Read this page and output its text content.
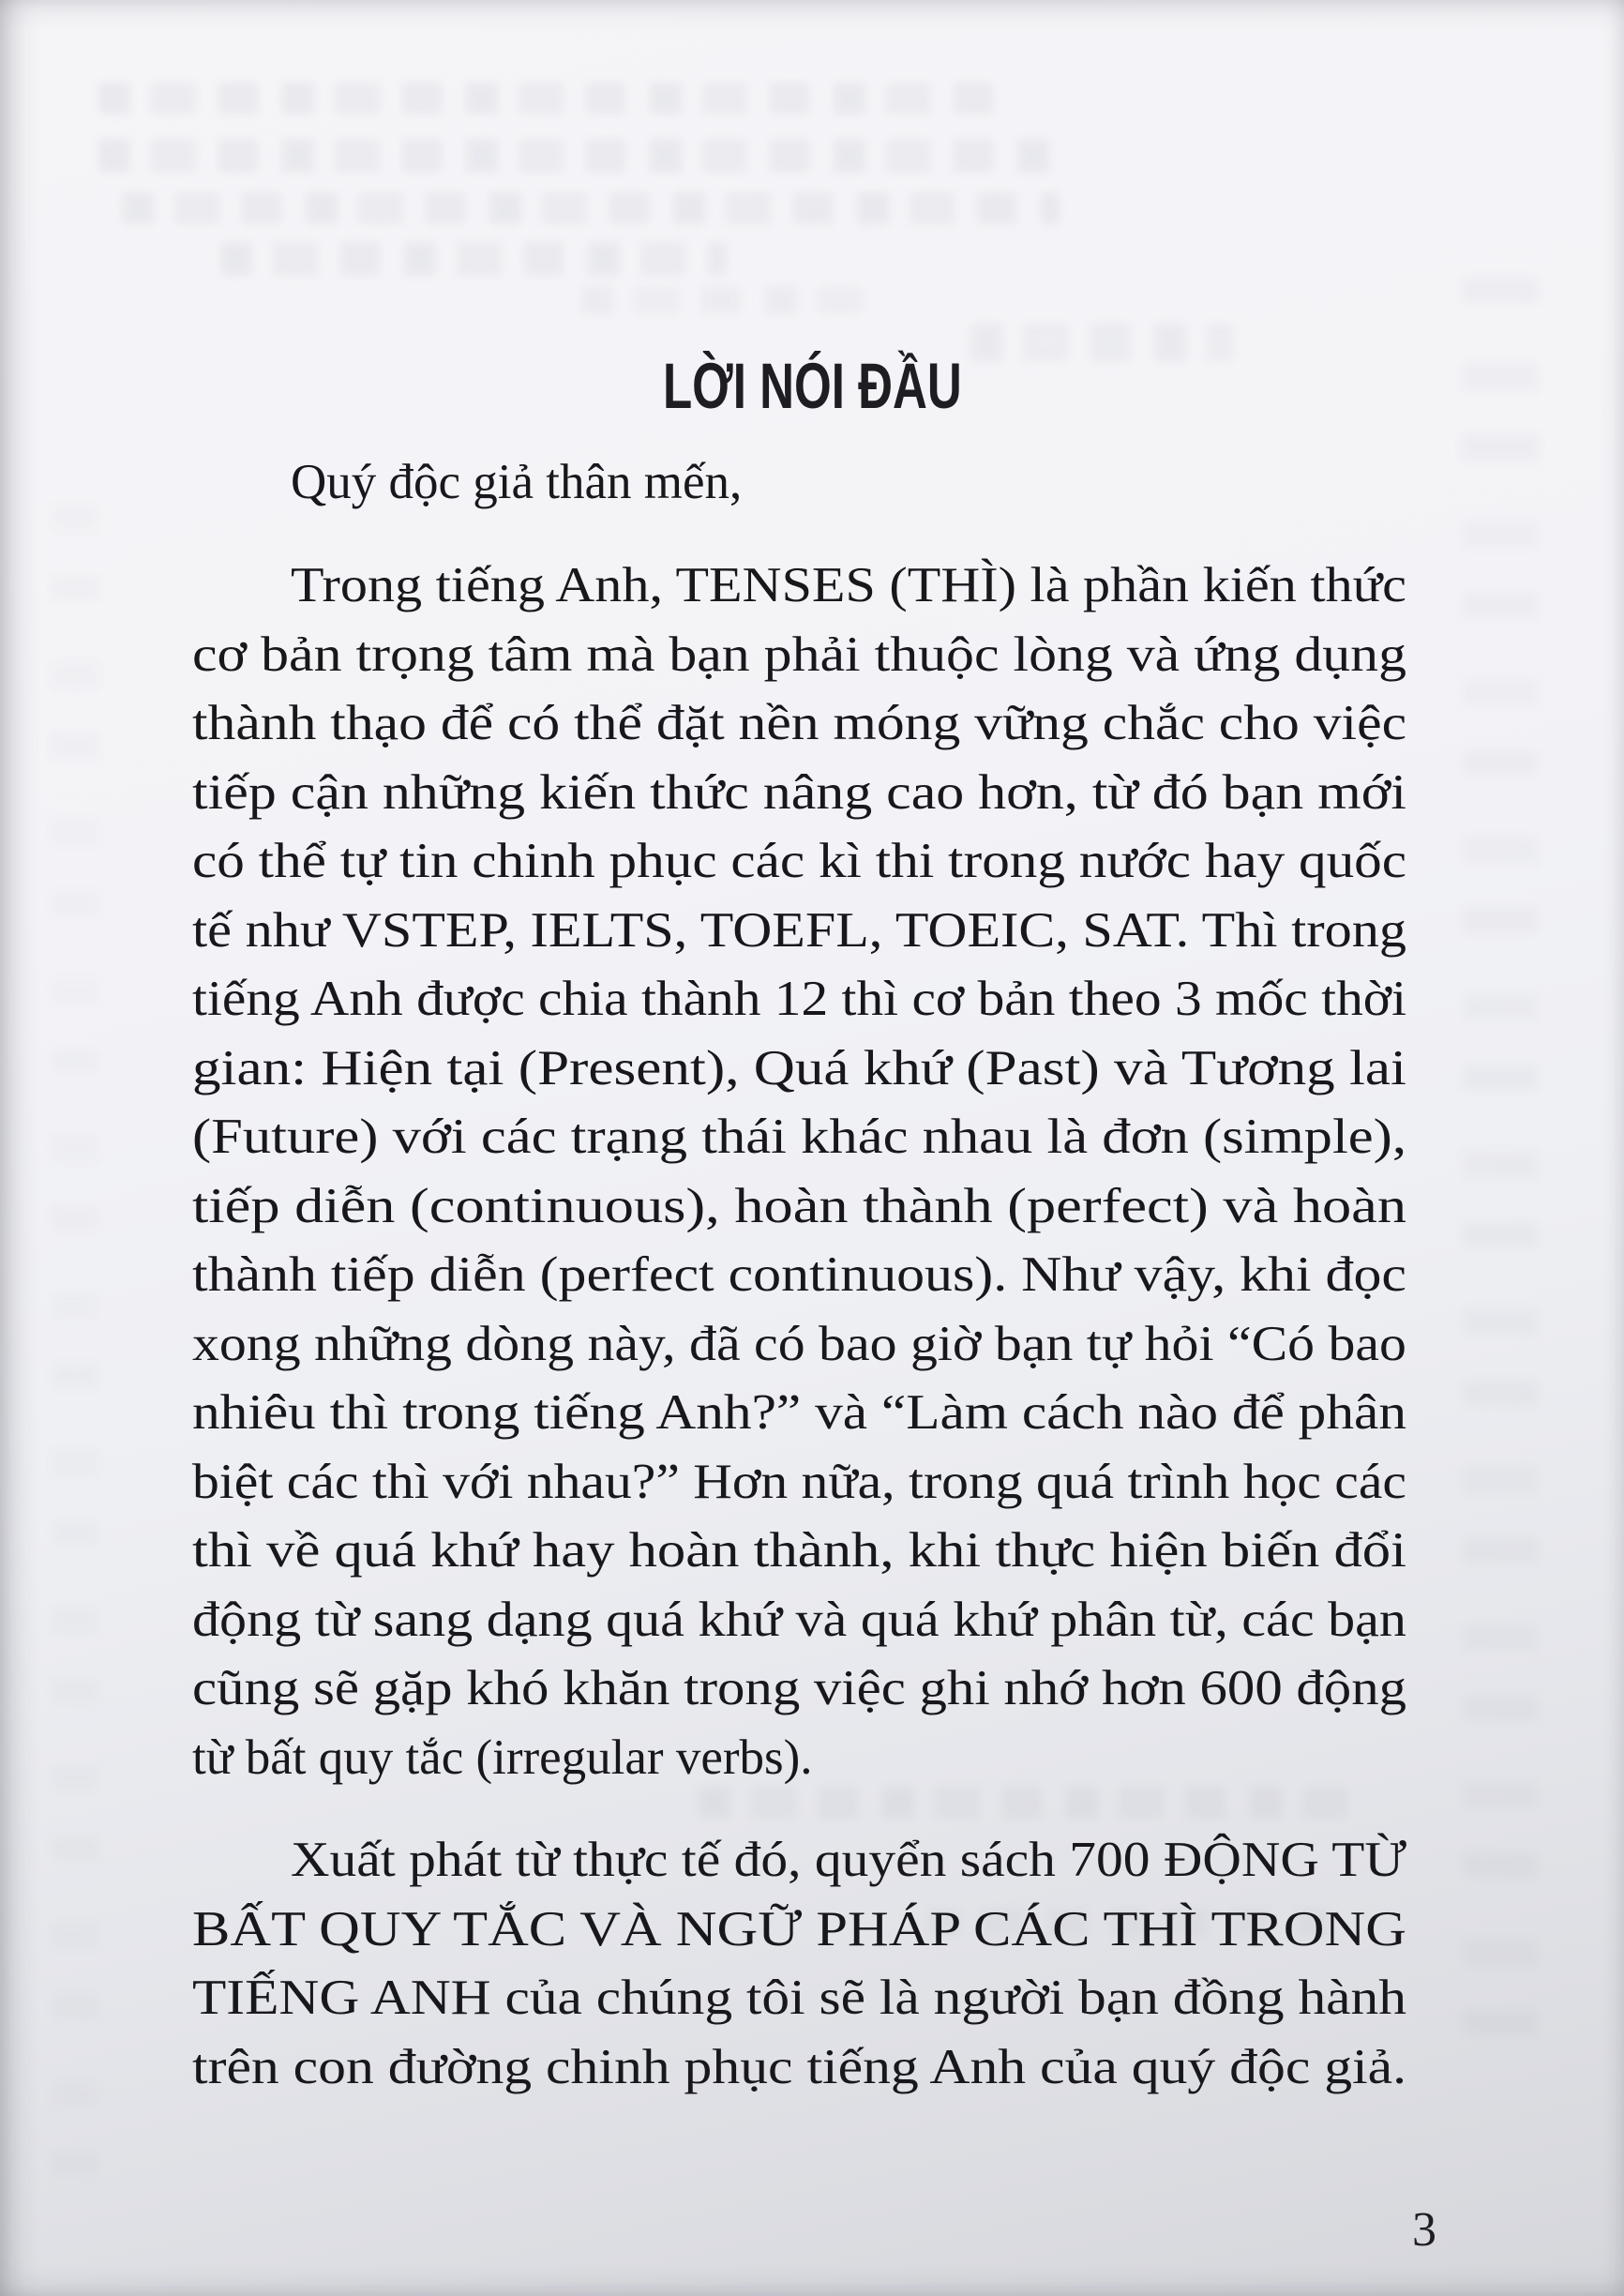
LỜI NÓI ĐẦU
Quý độc giả thân mến,
Trong tiếng Anh, TENSES (THÌ) là phần kiến thức
cơ bản trọng tâm mà bạn phải thuộc lòng và ứng dụng
thành thạo để có thể đặt nền móng vững chắc cho việc
tiếp cận những kiến thức nâng cao hơn, từ đó bạn mới
có thể tự tin chinh phục các kì thi trong nước hay quốc
tế như VSTEP, IELTS, TOEFL, TOEIC, SAT. Thì trong
tiếng Anh được chia thành 12 thì cơ bản theo 3 mốc thời
gian: Hiện tại (Present), Quá khứ (Past) và Tương lai
(Future) với các trạng thái khác nhau là đơn (simple),
tiếp diễn (continuous), hoàn thành (perfect) và hoàn
thành tiếp diễn (perfect continuous). Như vậy, khi đọc
xong những dòng này, đã có bao giờ bạn tự hỏi “Có bao
nhiêu thì trong tiếng Anh?” và “Làm cách nào để phân
biệt các thì với nhau?” Hơn nữa, trong quá trình học các
thì về quá khứ hay hoàn thành, khi thực hiện biến đổi
động từ sang dạng quá khứ và quá khứ phân từ, các bạn
cũng sẽ gặp khó khăn trong việc ghi nhớ hơn 600 động
từ bất quy tắc (irregular verbs).
Xuất phát từ thực tế đó, quyển sách 700 ĐỘNG TỪ
BẤT QUY TẮC VÀ NGỮ PHÁP CÁC THÌ TRONG
TIẾNG ANH của chúng tôi sẽ là người bạn đồng hành
trên con đường chinh phục tiếng Anh của quý độc giả.
3
